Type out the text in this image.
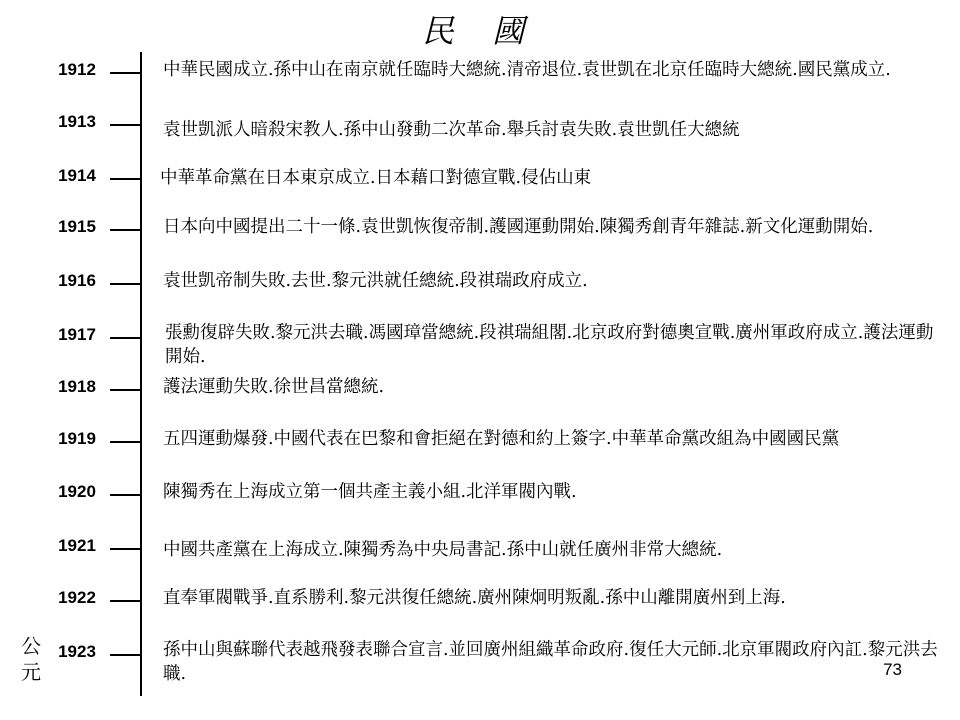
民 國
1912	中華民國成立.孫中山在南京就任臨時大總統.清帝退位.袁世凱在北京任臨時大總統.國民黨成立.
1913	袁世凱派人暗殺宋教人.孫中山發動二次革命.舉兵討袁失敗.袁世凱任大總統
1914	中華革命黨在日本東京成立.日本藉口對德宣戰.侵佔山東
1915	日本向中國提出二十一條.袁世凱恢復帝制.護國運動開始.陳獨秀創青年雜誌.新文化運動開始.
1916	袁世凱帝制失敗.去世.黎元洪就任總統.段祺瑞政府成立.
1917	張勳復辟失敗.黎元洪去職.馮國璋當總統.段祺瑞組閣.北京政府對德奧宣戰.廣州軍政府成立.護法運動開始.
1918	護法運動失敗.徐世昌當總統.
1919	五四運動爆發.中國代表在巴黎和會拒絕在對德和約上簽字.中華革命黨改組為中國國民黨
1920	陳獨秀在上海成立第一個共產主義小組.北洋軍閥內戰.
1921	中國共產黨在上海成立.陳獨秀為中央局書記.孫中山就任廣州非常大總統.
1922	直奉軍閥戰爭.直系勝利.黎元洪復任總統.廣州陳炯明叛亂.孫中山離開廣州到上海.
1923	孫中山與蘇聯代表越飛發表聯合宣言.並回廣州組織革命政府.復任大元師.北京軍閥政府內訌.黎元洪去職.
公元	73
